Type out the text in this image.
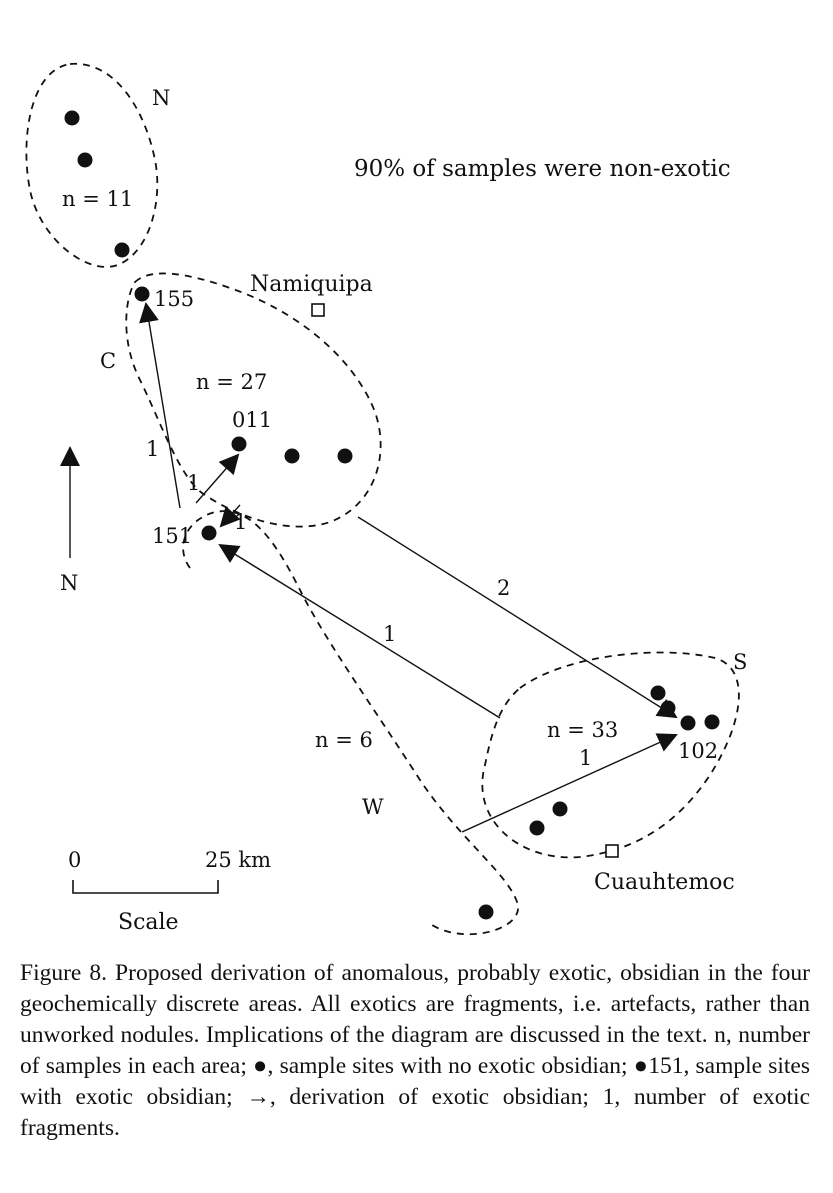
90% of samples were non-exotic
N
n = 11
Namiquipa
155
C
n = 27
011
1
1
1
151
N	2
1
S
n = 6	n = 33
102
1
W
0	25 km
Cuauhtemoc
Scale
Figure 8. Proposed derivation of anomalous, probably exotic, obsidian in the four geochemically discrete areas. All exotics are fragments, i.e. artefacts, rather than unworked nodules. Implications of the diagram are discussed in the text. n, number of samples in each area; ●, sample sites with no exotic obsidian; ●151, sample sites with exotic obsidian; →, derivation of exotic obsidian; 1, number of exotic fragments.
